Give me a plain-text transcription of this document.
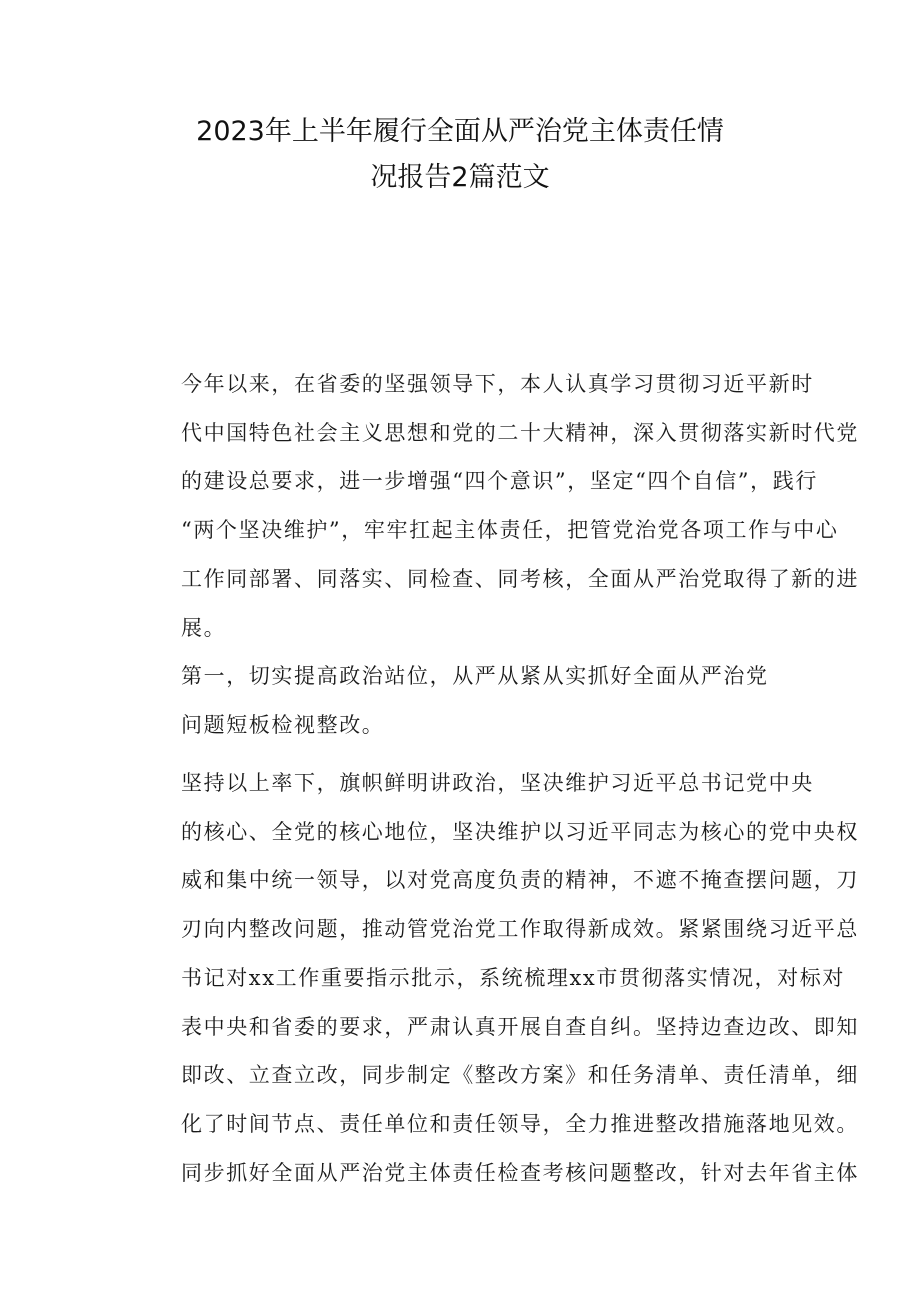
2023年上半年履行全面从严治党主体责任情
况报告2篇范文

今年以来，在省委的坚强领导下，本人认真学习贯彻习近平新时
代中国特色社会主义思想和党的二十大精神，深入贯彻落实新时代党
的建设总要求，进一步增强“四个意识”，坚定“四个自信”，践行
“两个坚决维护”，牢牢扛起主体责任，把管党治党各项工作与中心
工作同部署、同落实、同检查、同考核，全面从严治党取得了新的进
展。

第一，切实提高政治站位，从严从紧从实抓好全面从严治党
问题短板检视整改。

坚持以上率下，旗帜鲜明讲政治，坚决维护习近平总书记党中央
的核心、全党的核心地位，坚决维护以习近平同志为核心的党中央权
威和集中统一领导，以对党高度负责的精神，不遮不掩查摆问题，刀
刃向内整改问题，推动管党治党工作取得新成效。紧紧围绕习近平总
书记对xx工作重要指示批示，系统梳理xx市贯彻落实情况，对标对
表中央和省委的要求，严肃认真开展自查自纠。坚持边查边改、即知
即改、立查立改，同步制定《整改方案》和任务清单、责任清单，细
化了时间节点、责任单位和责任领导，全力推进整改措施落地见效。
同步抓好全面从严治党主体责任检查考核问题整改，针对去年省主体
